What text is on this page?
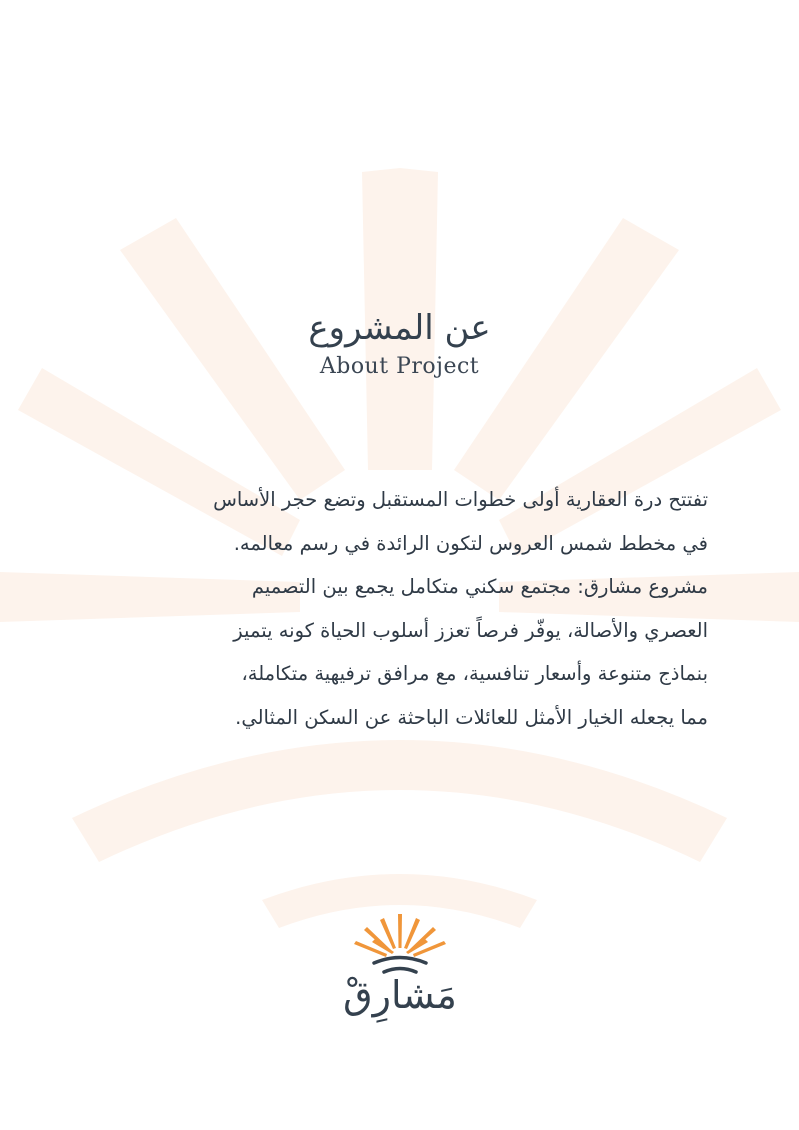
عن المشروع
About Project
تفتتح درة العقارية أولى خطوات المستقبل وتضع حجر الأساس
في مخطط شمس العروس لتكون الرائدة في رسم معالمه.
مشروع مشارق: مجتمع سكني متكامل يجمع بين التصميم
العصري والأصالة، يوفّر فرصاً تعزز أسلوب الحياة كونه يتميز
بنماذج متنوعة وأسعار تنافسية، مع مرافق ترفيهية متكاملة،
مما يجعله الخيار الأمثل للعائلات الباحثة عن السكن المثالي.
مَشارِقْ
